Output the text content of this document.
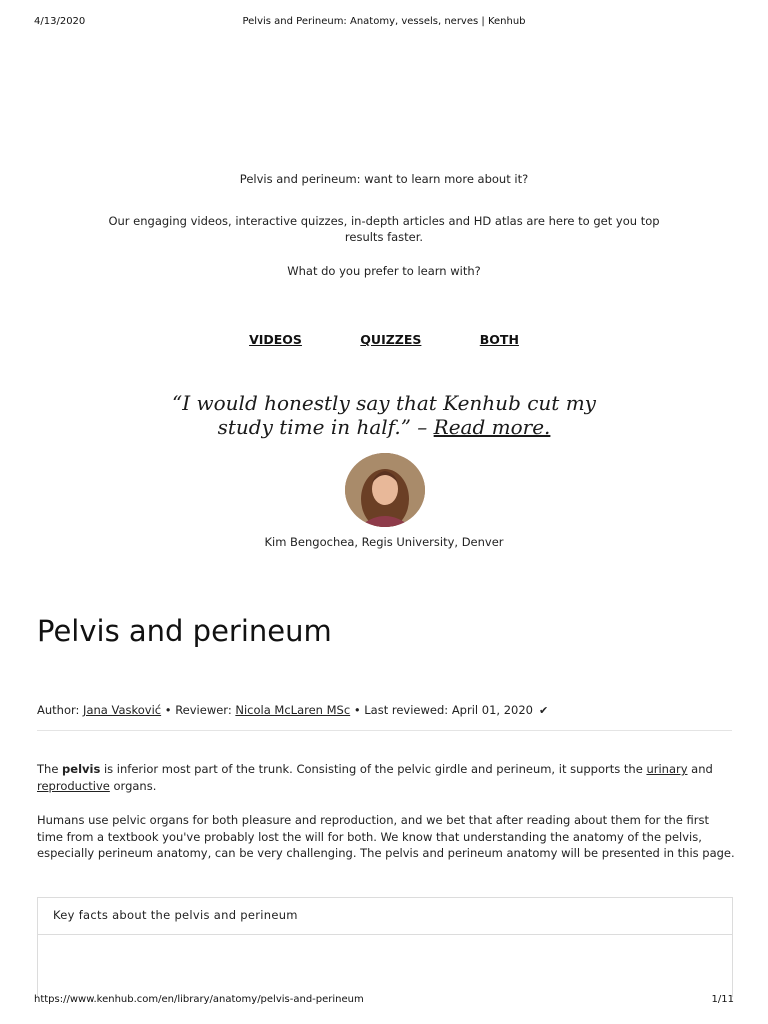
4/13/2020	Pelvis and Perineum: Anatomy, vessels, nerves | Kenhub
Pelvis and perineum: want to learn more about it?
Our engaging videos, interactive quizzes, in-depth articles and HD atlas are here to get you top results faster.
What do you prefer to learn with?
VIDEOS	QUIZZES	BOTH
“I would honestly say that Kenhub cut my
study time in half.” – Read more.
Kim Bengochea, Regis University, Denver
Pelvis and perineum
Author: Jana Vasković • Reviewer: Nicola McLaren MSc • Last reviewed: April 01, 2020 ✔

The pelvis is inferior most part of the trunk. Consisting of the pelvic girdle and perineum, it supports the urinary and reproductive organs.

Humans use pelvic organs for both pleasure and reproduction, and we bet that after reading about them for the first time from a textbook you've probably lost the will for both. We know that understanding the anatomy of the pelvis, especially perineum anatomy, can be very challenging. The pelvis and perineum anatomy will be presented in this page.

Key facts about the pelvis and perineum
https://www.kenhub.com/en/library/anatomy/pelvis-and-perineum	1/11
